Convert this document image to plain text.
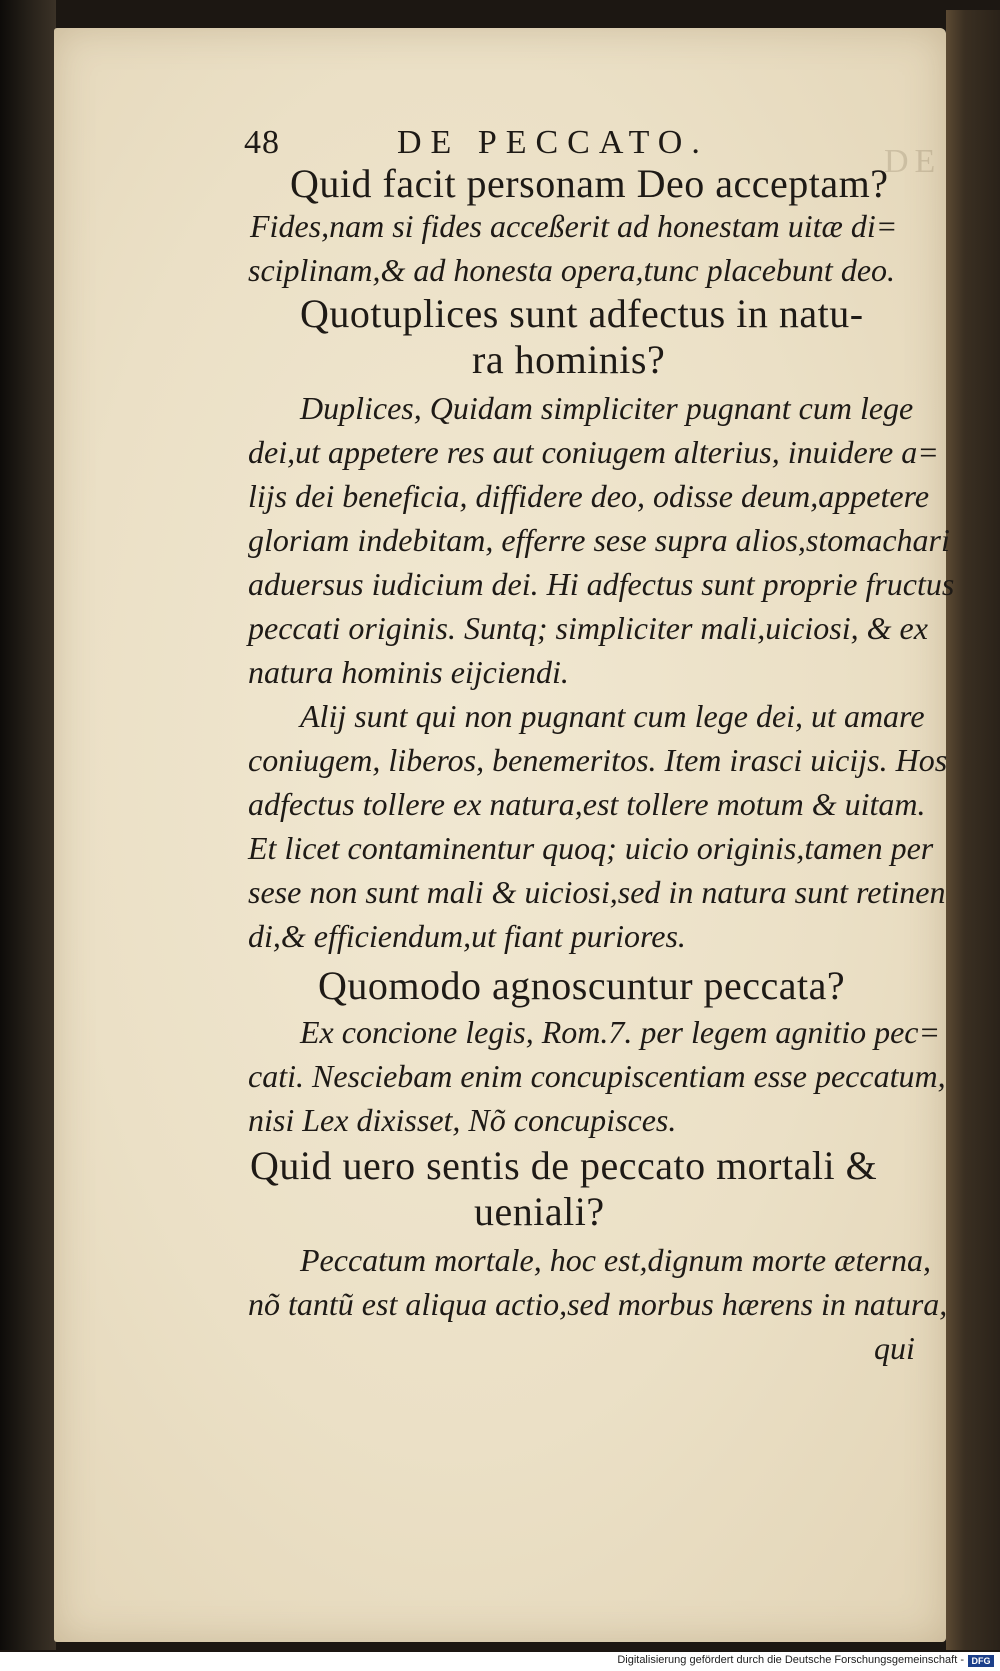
DE
48	DE PECCATO.
Quid facit personam Deo acceptam?
Fides,nam si fides acceßerit ad honestam uitæ di=
sciplinam,& ad honesta opera,tunc placebunt deo.
Quotuplices sunt adfectus in natu-
ra hominis?
Duplices, Quidam simpliciter pugnant cum lege
dei,ut appetere res aut coniugem alterius, inuidere a=
lijs dei beneficia, diffidere deo, odisse deum,appetere
gloriam indebitam, efferre sese supra alios,stomachari
aduersus iudicium dei. Hi adfectus sunt proprie fructus
peccati originis. Suntq; simpliciter mali,uiciosi, & ex
natura hominis eijciendi.
Alij sunt qui non pugnant cum lege dei, ut amare
coniugem, liberos, benemeritos. Item irasci uicijs. Hos
adfectus tollere ex natura,est tollere motum & uitam.
Et licet contaminentur quoq; uicio originis,tamen per
sese non sunt mali & uiciosi,sed in natura sunt retinen
di,& efficiendum,ut fiant puriores.
Quomodo agnoscuntur peccata?
Ex concione legis, Rom.7. per legem agnitio pec=
cati. Nesciebam enim concupiscentiam esse peccatum,
nisi Lex dixisset, Nõ concupisces.
Quid uero sentis de peccato mortali &
ueniali?
Peccatum mortale, hoc est,dignum morte æterna,
nõ tantũ est aliqua actio,sed morbus hærens in natura,
qui
Digitalisierung gefördert durch die Deutsche Forschungsgemeinschaft - DFG
